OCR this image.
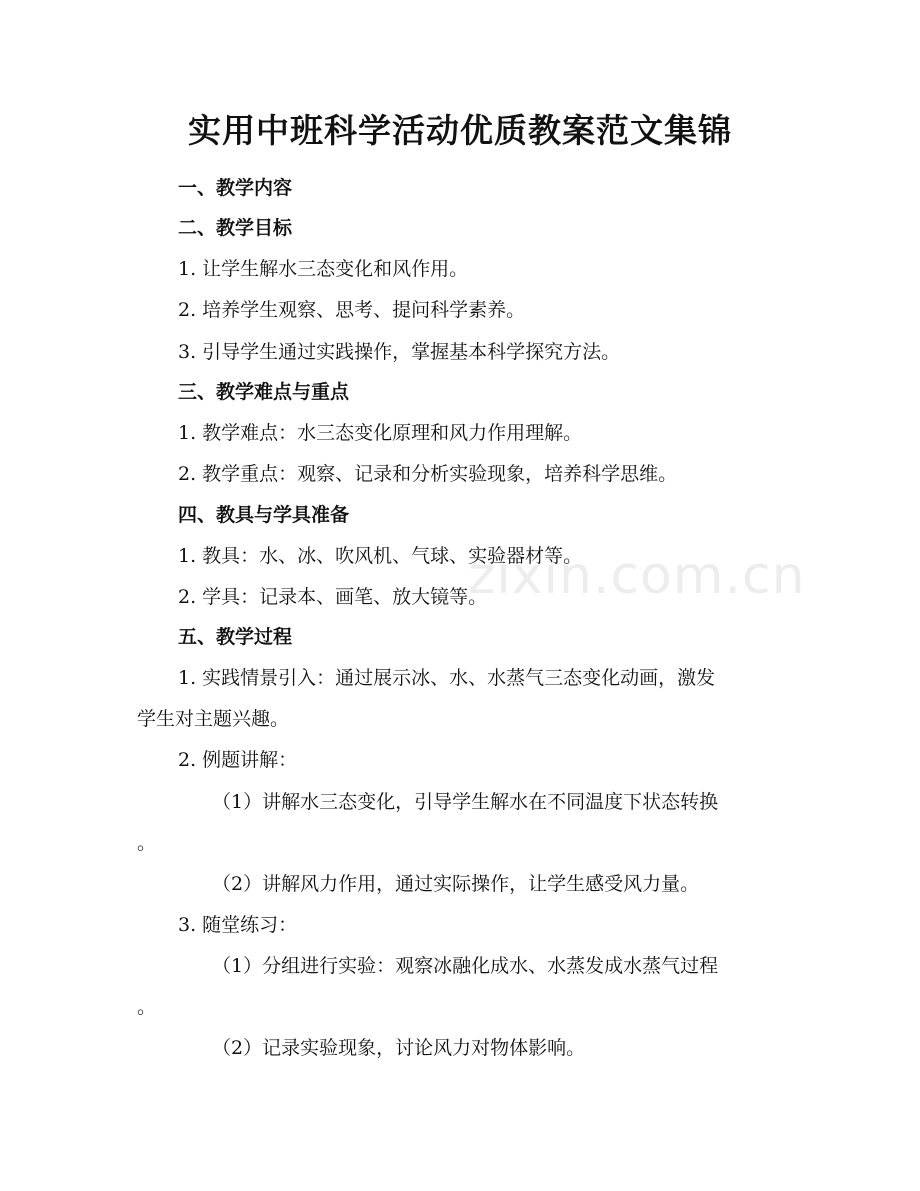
zixin.com.cn
实用中班科学活动优质教案范文集锦
一、教学内容
二、教学目标
1. 让学生解水三态变化和风作用。
2. 培养学生观察、思考、提问科学素养。
3. 引导学生通过实践操作，掌握基本科学探究方法。
三、教学难点与重点
1. 教学难点：水三态变化原理和风力作用理解。
2. 教学重点：观察、记录和分析实验现象，培养科学思维。
四、教具与学具准备
1. 教具：水、冰、吹风机、气球、实验器材等。
2. 学具：记录本、画笔、放大镜等。
五、教学过程
1. 实践情景引入：通过展示冰、水、水蒸气三态变化动画，激发
学生对主题兴趣。
2. 例题讲解：
（1）讲解水三态变化，引导学生解水在不同温度下状态转换
。
（2）讲解风力作用，通过实际操作，让学生感受风力量。
3. 随堂练习：
（1）分组进行实验：观察冰融化成水、水蒸发成水蒸气过程
。
（2）记录实验现象，讨论风力对物体影响。
